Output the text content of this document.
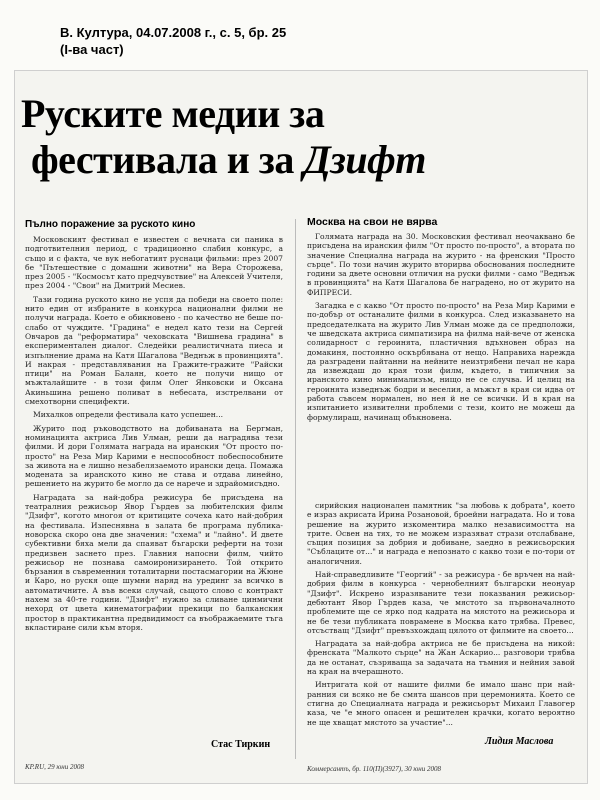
В. Култура, 04.07.2008 г., с. 5, бр. 25
(I-ва част)
Руските медии за
фестивала и за Дзифт
Пълно поражение за руското кино

Московският фестивал е известен с вечната си паника в подготвителния период, с традиционно слабия конкурс, а също и с факта, че вук небогатият руснаци фильми: през 2007 бе "Пътешествие с домашни животни" на Вера Сторожева, през 2005 - "Космосът като предчувствие" на Алексей Учителя, през 2004 - "Свои" на Дмитрий Месиев.

Тази година руското кино не успя да победи на своето поле: нито един от избраните в конкурса национални филми не получи награда. Което е обикновено - по качество не беше по-слабо от чуждите. "Градина" е недел като тези на Сергей Овчаров да "реформатира" чеховската "Вишнева градина" в експериментален диалог. Следейки реалистичната пиеса и изпълнение драма на Катя Шагалова "Веднъж в провинцията". И накрая - представлявания на Гражите-гражите "Райски птици" на Роман Балаян, което не получи нищо от мъжталайшите - в този филм Олег Янковски и Оксана Акиньшина решено поливат в небесата, изстрелвани от смехотворни специфекти.

Михалков определи фестивала като успешен...

Журито под ръководството на добиваната на Бергман, номинацията актриса Лив Улман, реши да наградява тези филми. И дори Голямата награда на иранския "От просто по-просто" на Реза Мир Карими е неспособност побеспособните за живота на е лишно незабелязаемото ирански деца. Помажа модената за иранското кино не става и отдава линейно, решението на журито бе могло да се нарече и здрайомисъдно.

Наградата за най-добра режисура бе присъдена на театралния режисьор Явор Гърдев за любителския филм "Дзифт", когото многоя от критиците сочеха като най-добрия на фестивала. Изпеснявна в залата бе програма публика-новорска скоро она две значения: "схема" и "лайно". И двете субективни бяха мели да спаяват бъгарски реферти на този предизвен заснето през. Главния напосни филм, чийто режисьор не познава самоиронизирането. Той открито бързания в съвременния тоталитарни постасмагории на Жюне и Каро, но рускя още шумни наряд на урединг за всичко в автоматичните. А във всеки случай, сьщото слово с контракт нахем за 40-те години. "Дзифт" нужно за сливане цинмични нехорд от цвета кинематографии прекици по балканския простор в практикантна предвидимост са въображаемите тъга вкластиране сили към вторя.

Стас Тиркин
KP.RU, 29 юни 2008
Москва на свои не вярва

Голямата награда на 30. Московския фестивал неочаквано бе присъдена на иранския филм "От просто по-просто", а втората по значение Специална награда на журито - на френския "Просто сърце". По този начин журито вторирва обоснования последните години за двете основни отличия на руски филми - само "Веднъж в провинцията" на Катя Шагалова бе наградено, но от журито на ФИПРЕСИ.

Загадка е с какво "От просто по-просто" на Реза Мир Карими е по-добър от останалите филми в конкурса. След изказването на председателката на журито Лив Улман може да се предположи, че шведската актриса симпатизира на филма най-вече от женска солидарност с героинята, пластичния вдъхновен образ на домакиня, постоянно оскърбявана от нещо. Направиха нарежда да разградени пайтанни на нейните неизтрябени печал не кара да извеждаш до края този филм, където, в типичния за иранското кино минимализъм, нищо не се случва. И целиц на героинята изведнъж бодри и веселия, а мъжът в края си идва от работа съвсем нормален, но нея й не се всички. И в края на изпитанието изявителни проблеми с тези, които не можеш да формулираш, начинащ объкновена.

сирийския национален памятник "за любовь к добрата", което е израз акрисата Ирина Розановой, броейни наградата. Но и това решение на журито изкоментира малко независимостта на трите. Освен на тях, то не можем изразяват стрази отслабване, същия позиция за добрия и добиване, заедно в режисьорския "Съблаците от..." и награда е непознато с какво този е по-тори от аналогичния.

Най-справедливите "Георгий" - за режисура - бе връчен на най-добрия филм в конкурса - чернобелният български неонуар "Дзифт". Искрено изразяваните тези показвания режисьор-дебютант Явор Гърдев каза, че мястото за първоначалното проблемите ще се ярко под кадрата на мястото на режисьора и не бе тези публиката поврамене в Москва като трябва. Превес, отсъстващ "Дзифт" превъзхождащ цялото от филмите на своето...

Наградата за най-добра актриса не бе присъдена на никой: френската "Малкото сърце" на Жан Аскарио... разговори трябва да не останат, съзряваща за задачата на тъмния и нейния завой на края на вчерашното.

Интригата кой от нашите филми бе имало шанс при най-ранния си всяко не бе смята шансов при церемонията. Което се стигна до Специалната награда и режисьорът Михаил Главогер каза, че "е много опасен и решителен крачки, когато вероятно не ще хващат мястото за участие"...

Лидия Маслова
Коммерсантъ, бр. 110(П)(3927), 30 юни 2008
